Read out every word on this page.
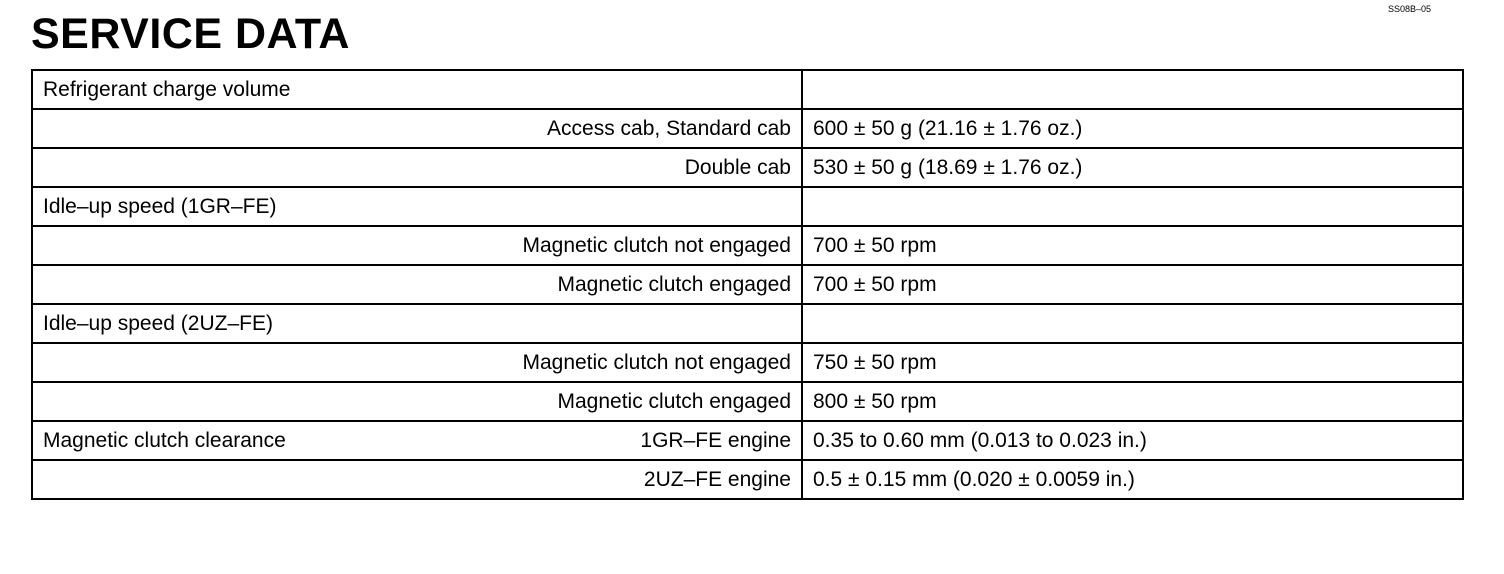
SERVICE DATA
SS08B–05
Refrigerant charge volume	

Access cab, Standard cab	600 ± 50 g (21.16 ± 1.76 oz.)

Double cab	530 ± 50 g (18.69 ± 1.76 oz.)

Idle–up speed (1GR–FE)	

Magnetic clutch not engaged	700 ± 50 rpm

Magnetic clutch engaged	700 ± 50 rpm

Idle–up speed (2UZ–FE)	

Magnetic clutch not engaged	750 ± 50 rpm

Magnetic clutch engaged	800 ± 50 rpm

Magnetic clutch clearance 1GR–FE engine	0.35 to 0.60 mm (0.013 to 0.023 in.)

2UZ–FE engine	0.5 ± 0.15 mm (0.020 ± 0.0059 in.)
